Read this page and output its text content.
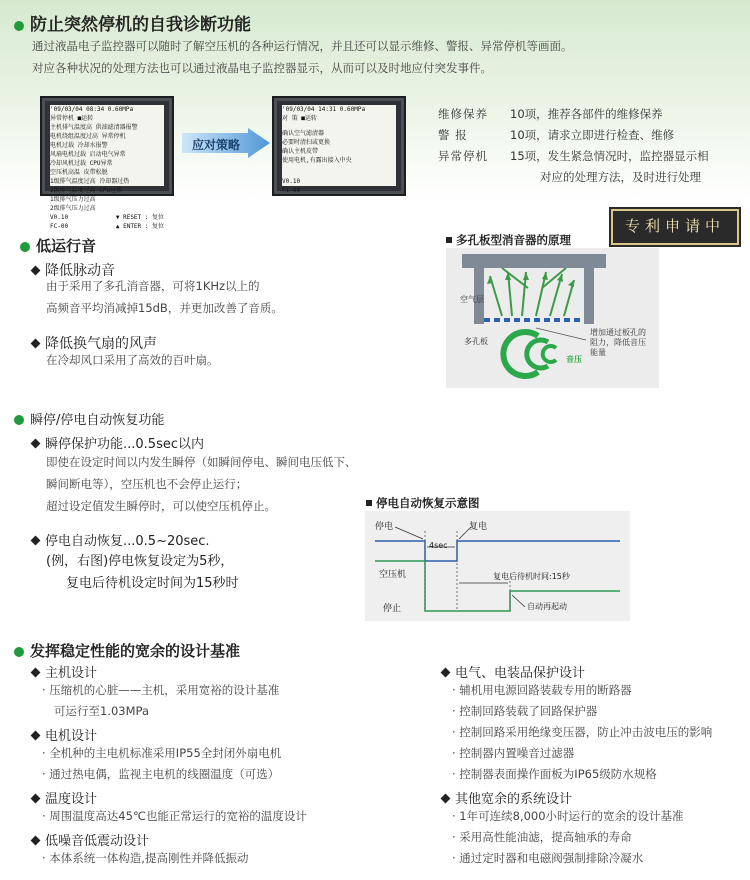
防止突然停机的自我诊断功能
通过液晶电子监控器可以随时了解空压机的各种运行情况，并且还可以显示维修、警报、异常停机等画面。
对应各种状况的处理方法也可以通过液晶电子监控器显示，从而可以及时地应付突发事件。
'09/03/04 08:34 0.60MPa
异常停机 ■运转
主机排气温度高 供油滤清器报警
电机绕组温度过高 异常停机
电机过载 冷却水报警
风扇电机过载 启动电气异常
冷却风机过载 CPU异常
空压机高温 皮带松脱
1级排气温度过高 冷却器过热
2级排气温度过高 CPU过热
1级排气压力过高
2级排气压力过高
V0.10	▼ RESET : 复位
FC-00	▲ ENTER : 复位
应对策略
'09/03/04 14:31 0.60MPa
对 策 ■运转
确认空气滤清器
必要时清扫或更换
确认主机皮带
使用电机,有露出接入中央
V0.10
FI-00
维修保养 10项，推荐各部件的维修保养
警 报	10项，请求立即进行检查、维修
异常停机 15项，发生紧急情况时，监控器显示相
对应的处理方法，及时进行处理
专利申请中
低运行音
降低脉动音
由于采用了多孔消音器，可将1KHz以上的
高频音平均消减掉15dB，并更加改善了音质。
降低换气扇的风声
在冷却风口采用了高效的百叶扇。
多孔板型消音器的原理
空气层
多孔板
增加通过板孔的
阻力，降低音压
能量
音压
瞬停/停电自动恢复功能
瞬停保护功能...0.5sec以内
即使在设定时间以内发生瞬停（如瞬间停电、瞬间电压低下、
瞬间断电等），空压机也不会停止运行；
超过设定值发生瞬停时，可以使空压机停止。
停电自动恢复...0.5~20sec.
(例，右图)停电恢复设定为5秒，
复电后待机设定时间为15秒时
停电自动恢复示意图
停电	复电
4sec
空压机
停止
复电后待机时间:15秒
自动再起动
发挥稳定性能的宽余的设计基准
主机设计
· 压缩机的心脏——主机，采用宽裕的设计基准
可运行至1.03MPa
电机设计
· 全机种的主电机标准采用IP55全封闭外扇电机
· 通过热电偶，监视主电机的线圈温度（可选）
温度设计
· 周围温度高达45℃也能正常运行的宽裕的温度设计
低噪音低震动设计
· 本体系统一体构造,提高刚性并降低振动
电气、电装品保护设计
· 辅机用电源回路装载专用的断路器
· 控制回路装载了回路保护器
· 控制回路采用绝缘变压器，防止冲击波电压的影响
· 控制器内置噪音过滤器
· 控制器表面操作面板为IP65级防水规格
其他宽余的系统设计
· 1年可连续8,000小时运行的宽余的设计基准
· 采用高性能油滤，提高轴承的寿命
· 通过定时器和电磁阀强制排除冷凝水
